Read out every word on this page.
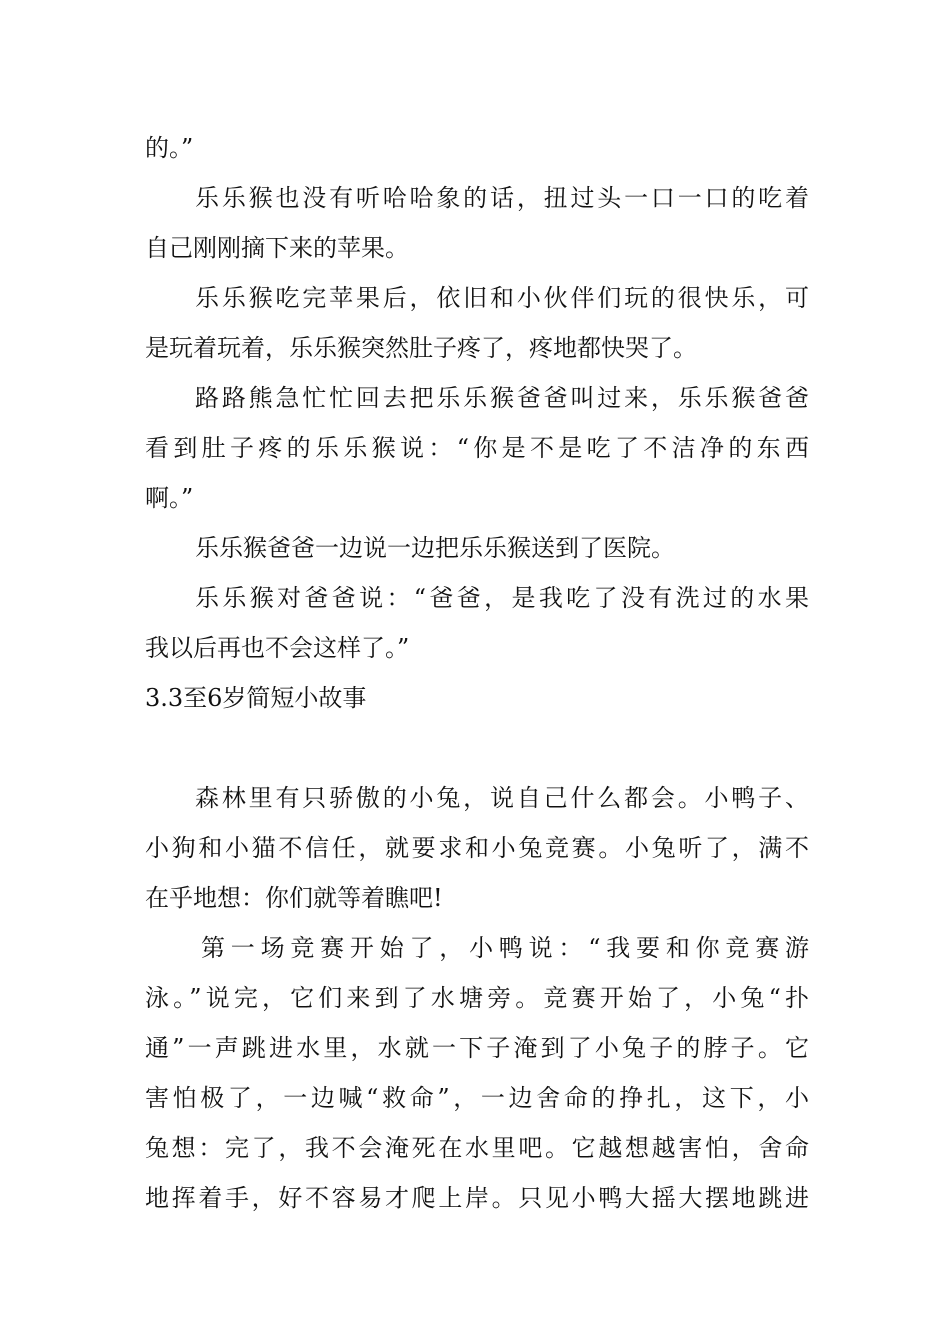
的。”
乐乐猴也没有听哈哈象的话，扭过头一口一口的吃着
自己刚刚摘下来的苹果。
乐乐猴吃完苹果后，依旧和小伙伴们玩的很快乐，可
是玩着玩着，乐乐猴突然肚子疼了，疼地都快哭了。
路路熊急忙忙回去把乐乐猴爸爸叫过来，乐乐猴爸爸
看到肚子疼的乐乐猴说：“你是不是吃了不洁净的东西
啊。”
乐乐猴爸爸一边说一边把乐乐猴送到了医院。
乐乐猴对爸爸说：“爸爸，是我吃了没有洗过的水果
我以后再也不会这样了。”
3.3至6岁简短小故事
森林里有只骄傲的小兔，说自己什么都会。小鸭子、
小狗和小猫不信任，就要求和小兔竞赛。小兔听了，满不
在乎地想：你们就等着瞧吧!
第一场竞赛开始了，小鸭说：“我要和你竞赛游
泳。”说完，它们来到了水塘旁。竞赛开始了，小兔“扑
通”一声跳进水里，水就一下子淹到了小兔子的脖子。它
害怕极了，一边喊“救命”，一边舍命的挣扎，这下，小
兔想：完了，我不会淹死在水里吧。它越想越害怕，舍命
地挥着手，好不容易才爬上岸。只见小鸭大摇大摆地跳进
